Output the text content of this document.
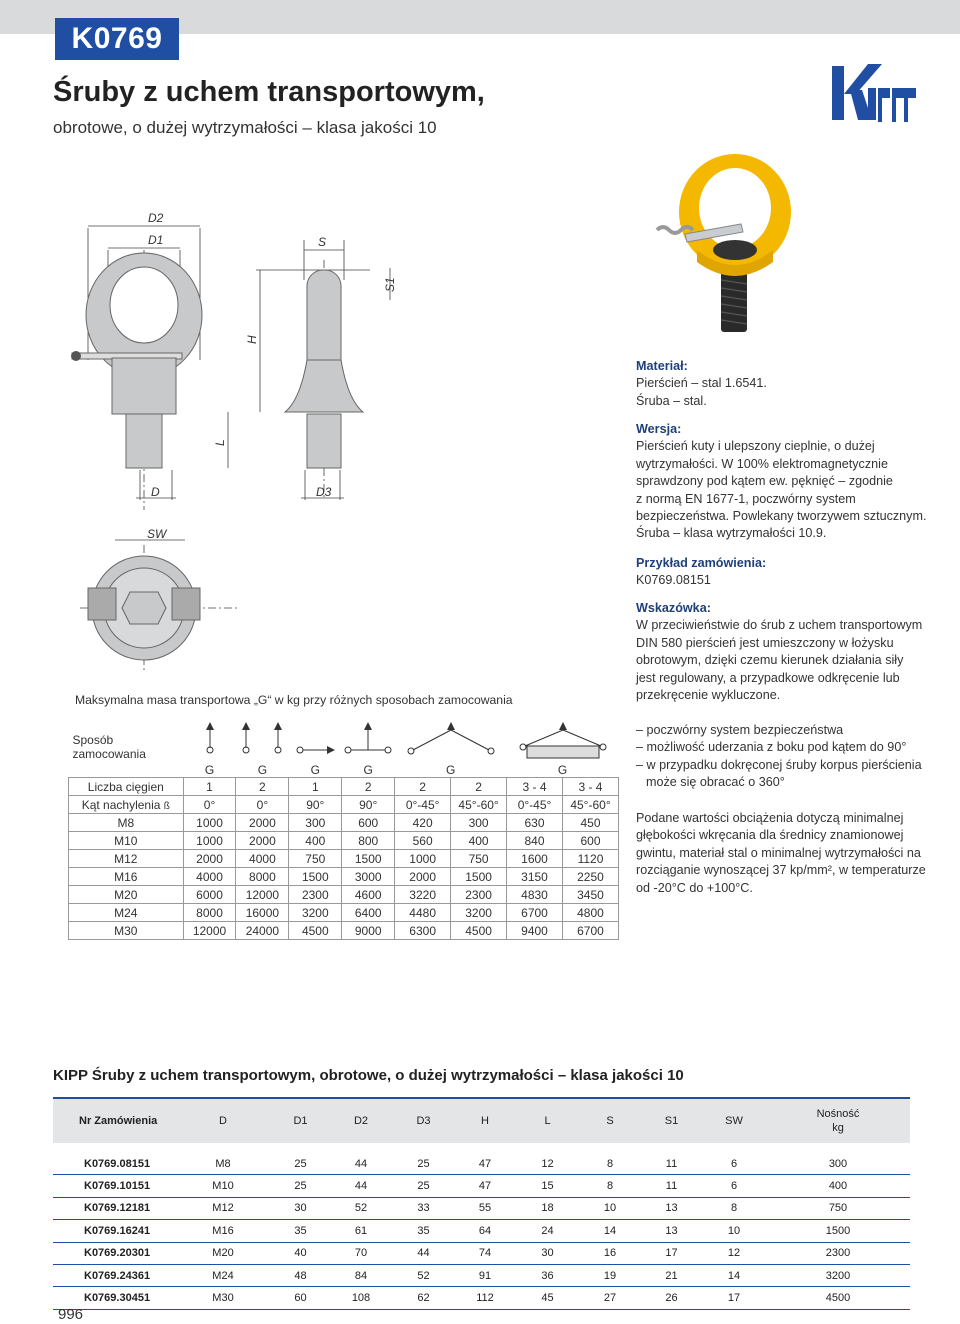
K0769
Śruby z uchem transportowym,
obrotowe, o dużej wytrzymałości – klasa jakości 10
D2
D1	S
S1
H
L
D	D3
SW
Materiał:
Pierścień – stal 1.6541.
Śruba – stal.
Wersja:
Pierścień kuty i ulepszony cieplnie, o dużej
wytrzymałości. W 100% elektromagnetycznie
sprawdzony pod kątem ew. pęknięć – zgodnie
z normą EN 1677-1, poczwórny system
bezpieczeństwa. Powlekany tworzywem sztucznym.
Śruba – klasa wytrzymałości 10.9.
Przykład zamówienia:
K0769.08151
Wskazówka:
W przeciwieństwie do śrub z uchem transportowym
DIN 580 pierścień jest umieszczony w łożysku
obrotowym, dzięki czemu kierunek działania siły
jest regulowany, a przypadkowe odkręcenie lub
przekręcenie wykluczone.
– poczwórny system bezpieczeństwa
– możliwość uderzania z boku pod kątem do 90°
– w przypadku dokręconej śruby korpus pierścienia może się obracać o 360°
Podane wartości obciążenia dotyczą minimalnej
głębokości wkręcania dla średnicy znamionowej
gwintu, materiał stal o minimalnej wytrzymałości na
rozciąganie wynoszącej 37 kp/mm², w temperaturze
od -20°C do +100°C.
Maksymalna masa transportowa „G“ w kg przy różnych sposobach zamocowania
Sposób zamocowania	G	G	G	G	G		G	

Liczba cięgien	1	2	1	2	2	2	3 - 4	3 - 4
Kąt nachylenia ß	0°	0°	90°	90°	0°-45°	45°-60°	0°-45°	45°-60°
M8	1000	2000	300	600	420	300	630	450
M10	1000	2000	400	800	560	400	840	600
M12	2000	4000	750	1500	1000	750	1600	1120
M16	4000	8000	1500	3000	2000	1500	3150	2250
M20	6000	12000	2300	4600	3220	2300	4830	3450
M24	8000	16000	3200	6400	4480	3200	6700	4800
M30	12000	24000	4500	9000	6300	4500	9400	6700
KIPP Śruby z uchem transportowym, obrotowe, o dużej wytrzymałości – klasa jakości 10
Nr Zamówienia	D	D1	D2	D3	H	L	S	S1	SW	Nośność
kg

K0769.08151	M8	25	44	25	47	12	8	11	6	300
K0769.10151	M10	25	44	25	47	15	8	11	6	400
K0769.12181	M12	30	52	33	55	18	10	13	8	750
K0769.16241	M16	35	61	35	64	24	14	13	10	1500
K0769.20301	M20	40	70	44	74	30	16	17	12	2300
K0769.24361	M24	48	84	52	91	36	19	21	14	3200
K0769.30451	M30	60	108	62	112	45	27	26	17	4500
996
